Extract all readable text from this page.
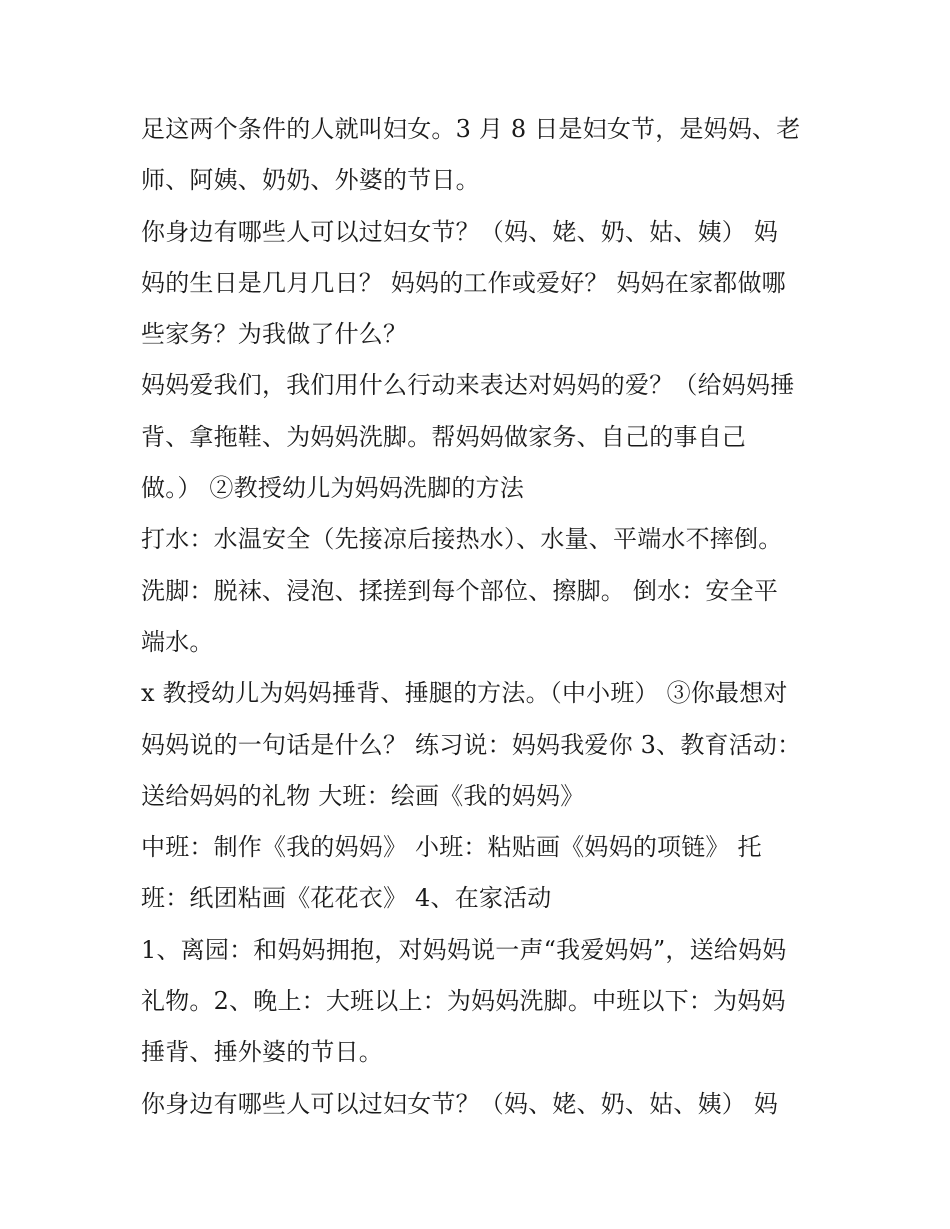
足这两个条件的人就叫妇女。3 月 8 日是妇女节，是妈妈、老
师、阿姨、奶奶、外婆的节日。
你身边有哪些人可以过妇女节？（妈、姥、奶、姑、姨） 妈
妈的生日是几月几日？ 妈妈的工作或爱好？ 妈妈在家都做哪
些家务？为我做了什么？
妈妈爱我们，我们用什么行动来表达对妈妈的爱？（给妈妈捶
背、拿拖鞋、为妈妈洗脚。帮妈妈做家务、自己的事自己
做。） ②教授幼儿为妈妈洗脚的方法
打水：水温安全（先接凉后接热水）、水量、平端水不摔倒。
洗脚：脱袜、浸泡、揉搓到每个部位、擦脚。 倒水：安全平
端水。
x 教授幼儿为妈妈捶背、捶腿的方法。（中小班） ③你最想对
妈妈说的一句话是什么？ 练习说：妈妈我爱你 3、教育活动：
送给妈妈的礼物 大班：绘画《我的妈妈》
中班：制作《我的妈妈》 小班：粘贴画《妈妈的项链》 托
班：纸团粘画《花花衣》 4、在家活动
1、离园：和妈妈拥抱，对妈妈说一声“我爱妈妈”，送给妈妈
礼物。2、晚上：大班以上：为妈妈洗脚。中班以下：为妈妈
捶背、捶外婆的节日。
你身边有哪些人可以过妇女节？（妈、姥、奶、姑、姨） 妈
